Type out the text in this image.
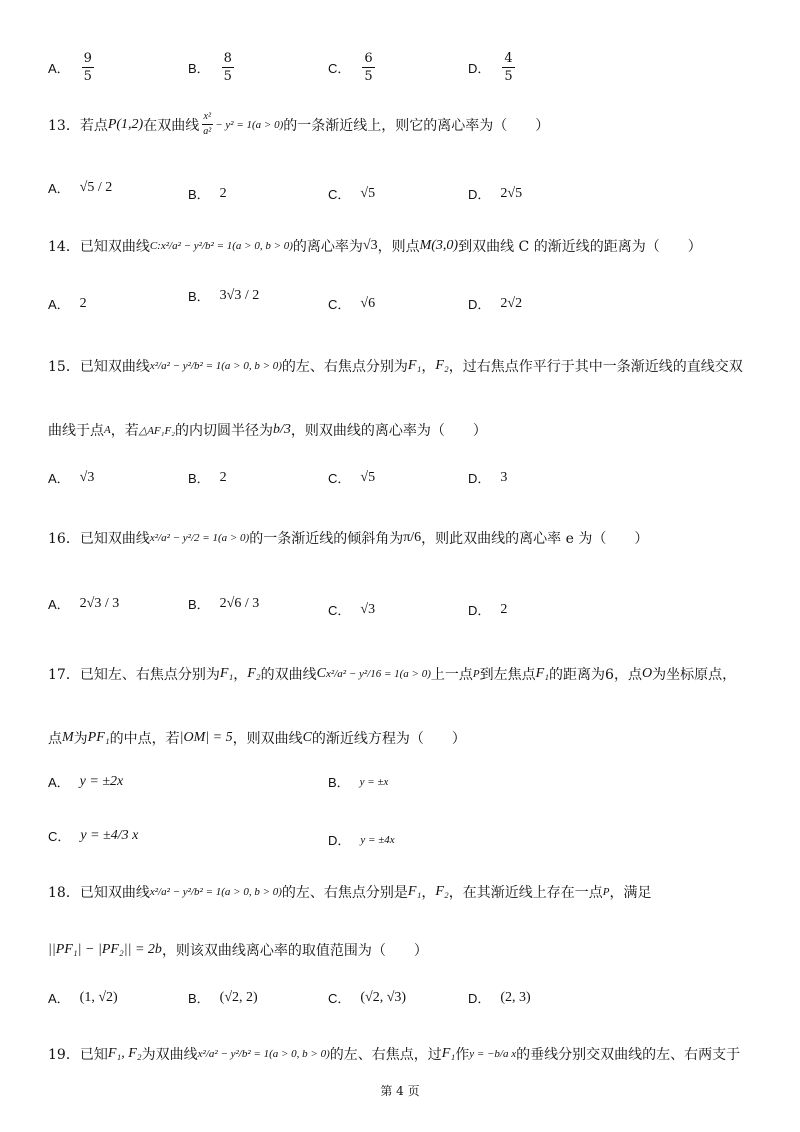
A． $\frac{9}{5}$	B． $\frac{8}{5}$	C． $\frac{6}{5}$	D． $\frac{4}{5}$
13． 若点 P(1,2) 在双曲线 $\frac{\text{x²}}{\text{a²}} - y^2 = 1(a > 0)$ 的一条渐近线上，则它的离心率为（　　）
A． √5 / 2	B． 2	C． √5	D． 2√5
14． 已知双曲线 C: x²/a² − y²/b² = 1(a > 0, b > 0) 的离心率为 √3 ，则点 M(3,0) 到双曲线 C 的渐近线的距离为（　　）
A． 2	B． 3√3 / 2
C． √6	D． 2√2
15． 已知双曲线 x²/a² − y²/b² = 1(a > 0, b > 0) 的左、右焦点分别为 F₁ ， F₂ ，过右焦点作平行于其中一条渐近线的直线交双
曲线于点 A ，若 △AF₁F₂ 的内切圆半径为 b/3 ，则双曲线的离心率为（　　）
A． √3	B． 2	C． √5	D． 3
16． 已知双曲线 x²/a² − y²/2 = 1(a > 0) 的一条渐近线的倾斜角为 π/6 ，则此双曲线的离心率 e 为（　　）
A． 2√3 / 3	B． 2√6 / 3	C． √3	D． 2
17． 已知左、右焦点分别为 F₁ ， F₂ 的双曲线 C x²/a² − y²/16 = 1(a > 0) 上一点 P 到左焦点 F₁ 的距离为6，点 O 为坐标原点，
点 M 为 PF₁ 的中点，若 |OM| = 5 ，则双曲线 C 的渐近线方程为（　　）
A． y = ±2x	B． y = ±x
C． y = ±4/3 x	D． y = ±4x
18． 已知双曲线 x²/a² − y²/b² = 1(a > 0, b > 0) 的左、右焦点分别是 F₁ ， F₂ ，在其渐近线上存在一点 P ，满足
||PF₁| − |PF₂|| = 2b ，则该双曲线离心率的取值范围为（　　）
A． (1, √2)	B． (√2, 2)	C． (√2, √3)	D． (2, 3)
19． 已知 F₁, F₂ 为双曲线 x²/a² − y²/b² = 1(a > 0, b > 0) 的左、右焦点，过 F₁ 作 y = −b/a x 的垂线分别交双曲线的左、右两支于
第 4 页
